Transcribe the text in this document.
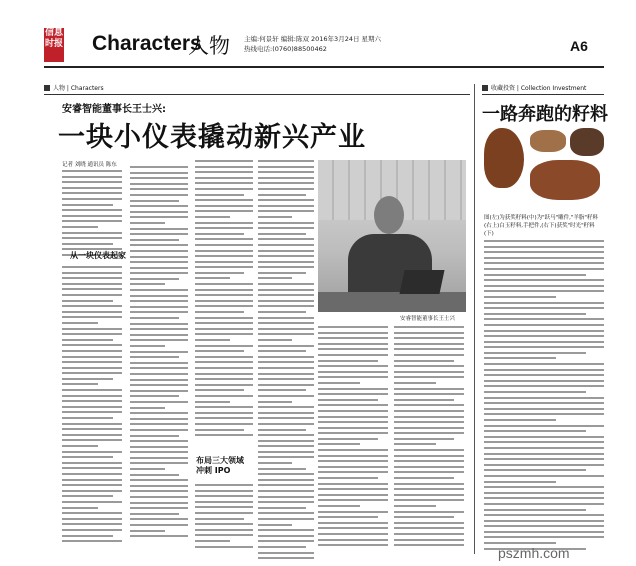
信息
时报 Characters
人物 主编:何景轩 编辑:陈双 2016年3月24日 星期六
热线电话:(0760)88500462	A6
人物 | Characters	收藏投资 | Collection Investment
安睿智能董事长王士兴:
一块小仪表撬动新兴产业
记者 刘晓 通讯员 陈东
从一块仪表起家
布局三大领域
冲刺 IPO
安睿智能董事长王士兴
一路奔跑的籽料
图(左)为获奖籽料(中)为"跃马"雕件,"羊脂"籽料(右上)白玉籽料,手把件,(右下)获奖"时光"籽料(下)
pszmh.com
